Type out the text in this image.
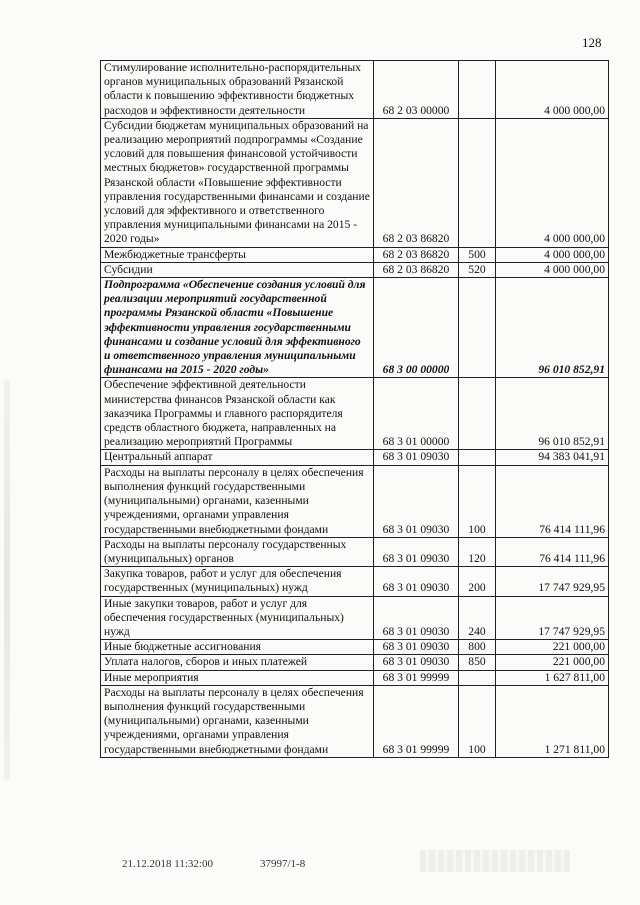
128
Стимулирование исполнительно-распорядительных органов муниципальных образований Рязанской области к повышению эффективности бюджетных расходов и эффективности деятельности	68 2 03 00000		4 000 000,00
Субсидии бюджетам муниципальных образований на реализацию мероприятий подпрограммы «Создание условий для повышения финансовой устойчивости местных бюджетов» государственной программы Рязанской области «Повышение эффективности управления государственными финансами и создание условий для эффективного и ответственного управления муниципальными финансами на 2015 - 2020 годы»	68 2 03 86820		4 000 000,00
Межбюджетные трансферты	68 2 03 86820	500	4 000 000,00
Субсидии	68 2 03 86820	520	4 000 000,00
Подпрограмма «Обеспечение создания условий для реализации мероприятий государственной программы Рязанской области «Повышение эффективности управления государственными финансами и создание условий для эффективного и ответственного управления муниципальными финансами на 2015 - 2020 годы»	68 3 00 00000		96 010 852,91
Обеспечение эффективной деятельности министерства финансов Рязанской области как заказчика Программы и главного распорядителя средств областного бюджета, направленных на реализацию мероприятий Программы	68 3 01 00000		96 010 852,91
Центральный аппарат	68 3 01 09030		94 383 041,91
Расходы на выплаты персоналу в целях обеспечения выполнения функций государственными (муниципальными) органами, казенными учреждениями, органами управления государственными внебюджетными фондами	68 3 01 09030	100	76 414 111,96
Расходы на выплаты персоналу государственных (муниципальных) органов	68 3 01 09030	120	76 414 111,96
Закупка товаров, работ и услуг для обеспечения государственных (муниципальных) нужд	68 3 01 09030	200	17 747 929,95
Иные закупки товаров, работ и услуг для обеспечения государственных (муниципальных) нужд	68 3 01 09030	240	17 747 929,95
Иные бюджетные ассигнования	68 3 01 09030	800	221 000,00
Уплата налогов, сборов и иных платежей	68 3 01 09030	850	221 000,00
Иные мероприятия	68 3 01 99999		1 627 811,00
Расходы на выплаты персоналу в целях обеспечения выполнения функций государственными (муниципальными) органами, казенными учреждениями, органами управления государственными внебюджетными фондами	68 3 01 99999	100	1 271 811,00
21.12.2018 11:32:00	37997/1-8
